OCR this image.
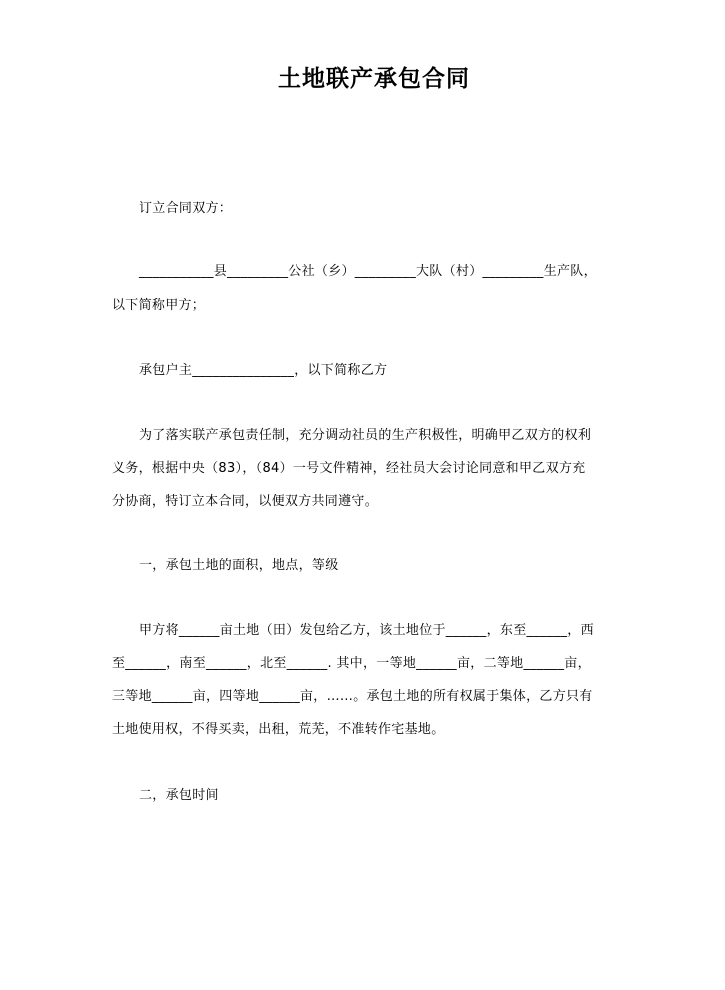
土地联产承包合同
订立合同双方：
___________县_________公社（乡）_________大队（村）_________生产队，
以下简称甲方；
承包户主_______________，以下简称乙方
为了落实联产承包责任制，充分调动社员的生产积极性，明确甲乙双方的权利
义务，根据中央（83），（84）一号文件精神，经社员大会讨论同意和甲乙双方充
分协商，特订立本合同，以便双方共同遵守。
一，承包土地的面积，地点，等级
甲方将______亩土地（田）发包给乙方，该土地位于______，东至______，西
至______，南至______，北至______. 其中，一等地______亩，二等地______亩，
三等地______亩，四等地______亩，……。承包土地的所有权属于集体，乙方只有
土地使用权，不得买卖，出租，荒芜，不准转作宅基地。
二，承包时间
